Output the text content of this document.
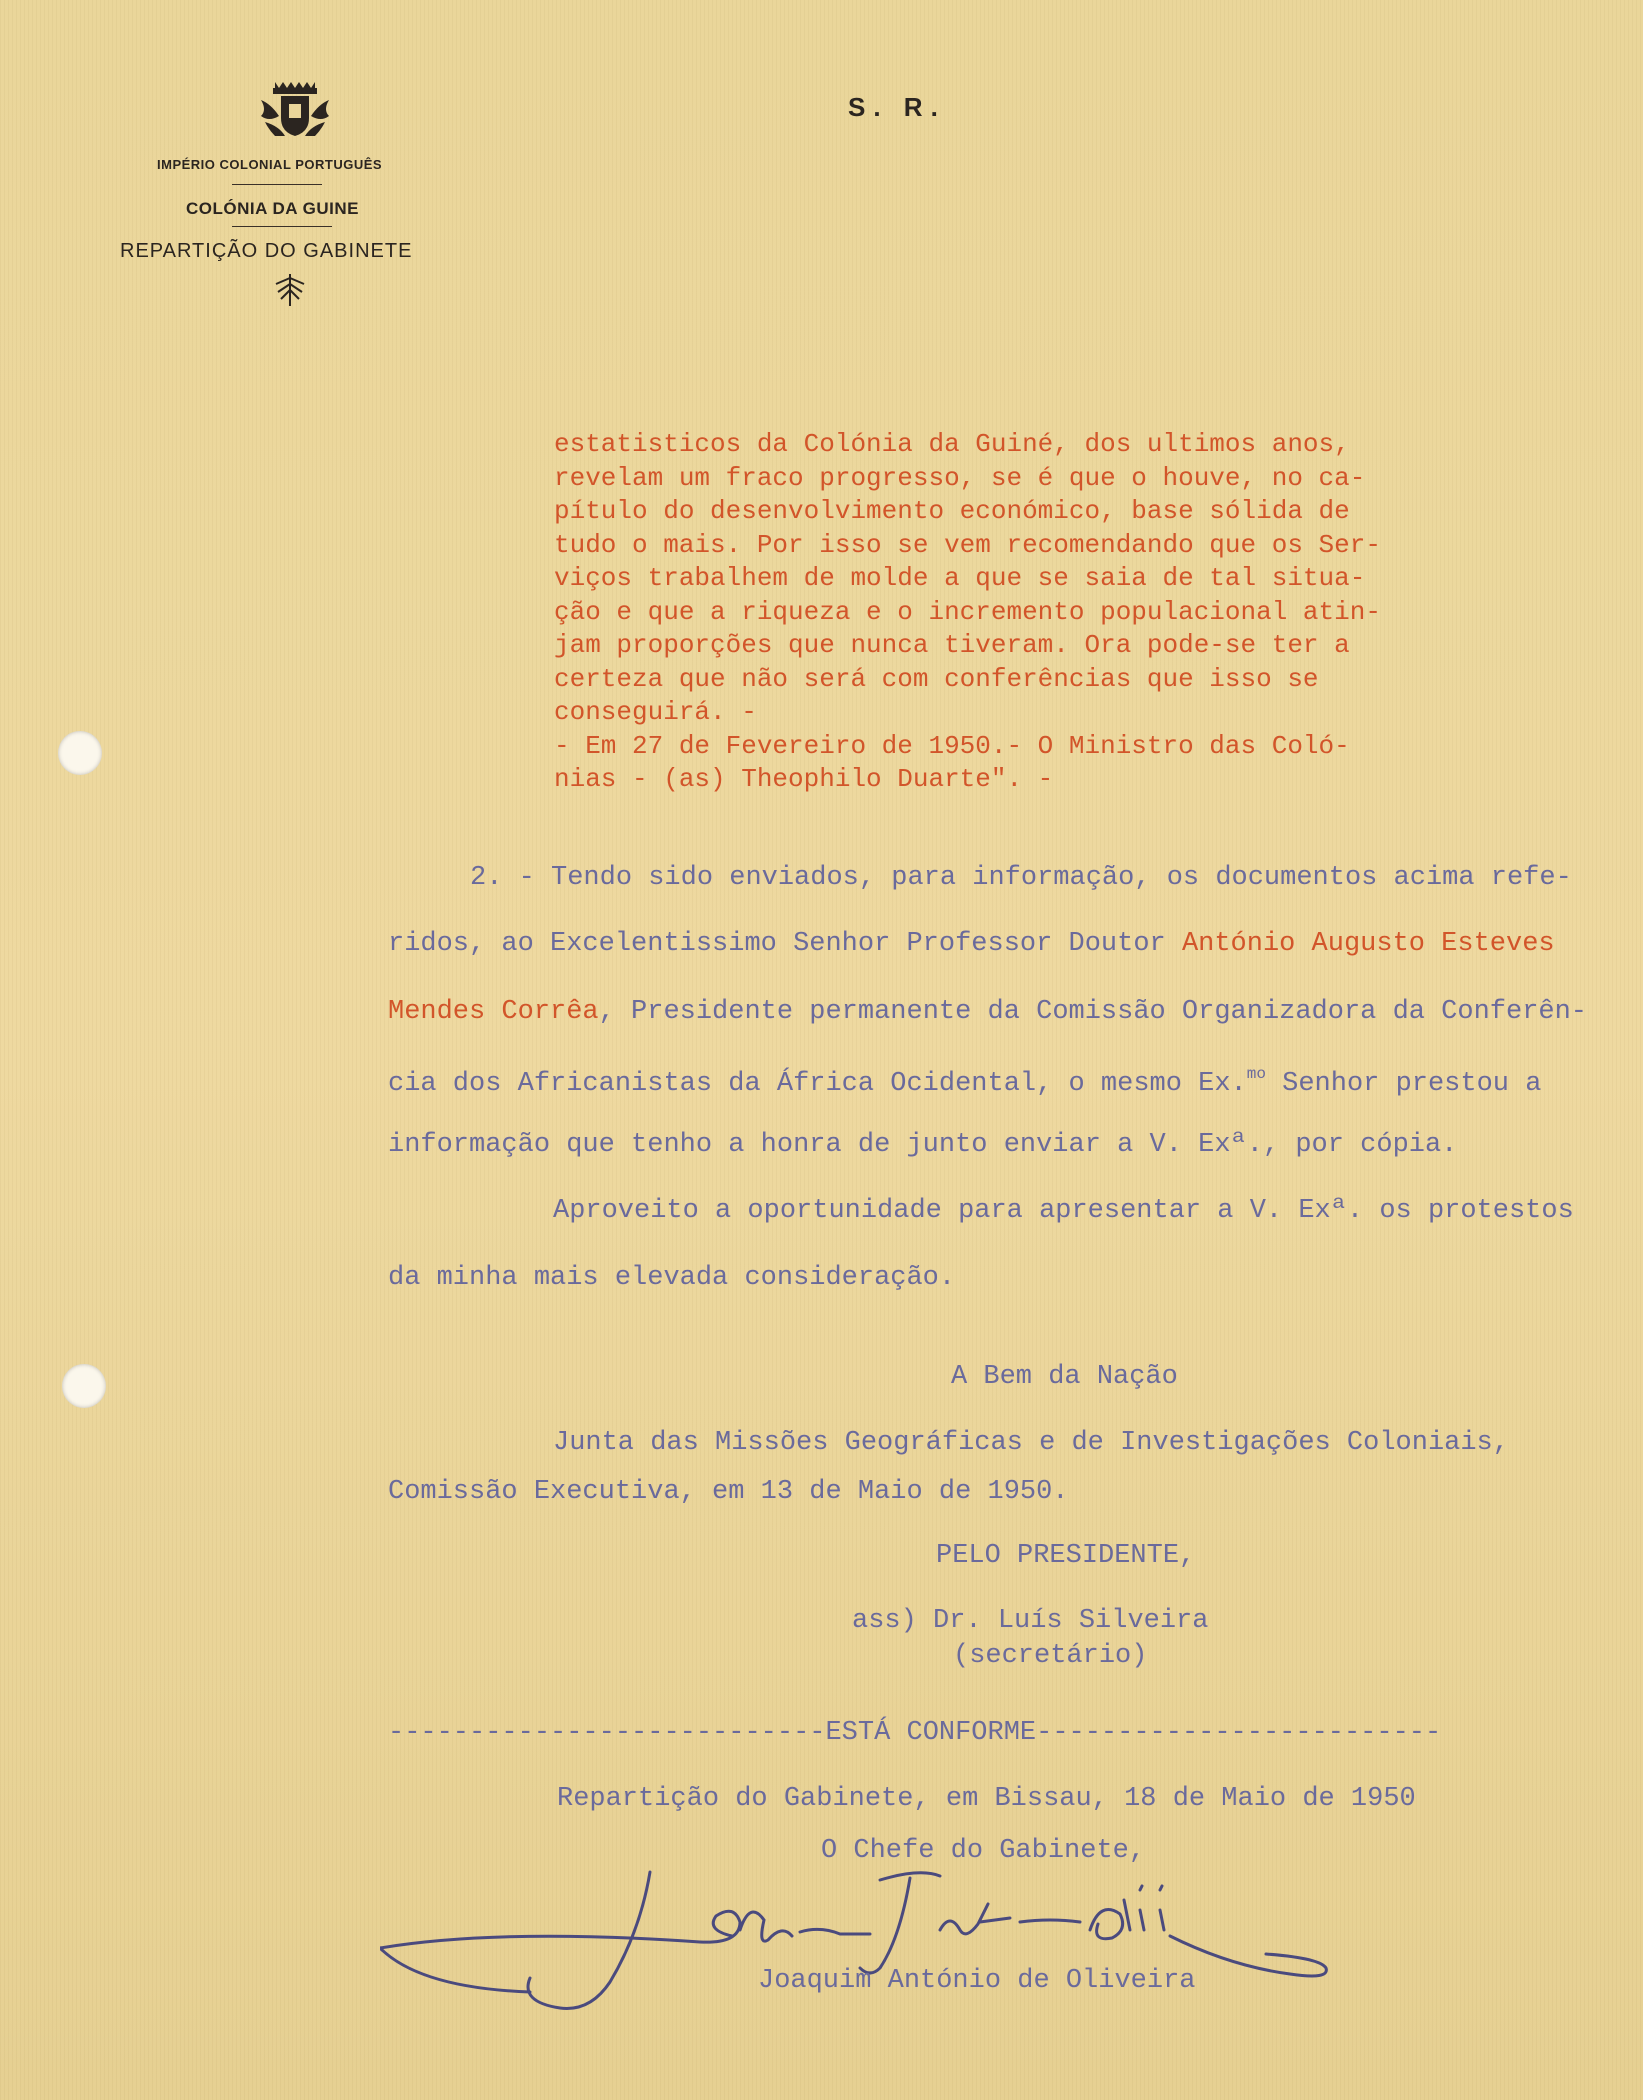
IMPÉRIO COLONIAL PORTUGUÊS
COLÓNIA DA GUINE
REPARTIÇÃO DO GABINETE
S. R.
estatisticos da Colónia da Guiné, dos ultimos anos,
revelam um fraco progresso, se é que o houve, no ca-
pítulo do desenvolvimento económico, base sólida de
tudo o mais. Por isso se vem recomendando que os Ser-
viços trabalhem de molde a que se saia de tal situa-
ção e que a riqueza e o incremento populacional atin-
jam proporções que nunca tiveram. Ora pode-se ter a
certeza que não será com conferências que isso se
conseguirá. -
- Em 27 de Fevereiro de 1950.- O Ministro das Coló-
nias - (as) Theophilo Duarte". -
2. - Tendo sido enviados, para informação, os documentos acima refe-
ridos, ao Excelentissimo Senhor Professor Doutor António Augusto Esteves
Mendes Corrêa, Presidente permanente da Comissão Organizadora da Conferên-
cia dos Africanistas da África Ocidental, o mesmo Ex.$^{mo}$ Senhor prestou a
informação que tenho a honra de junto enviar a V. Exª., por cópia.
Aproveito a oportunidade para apresentar a V. Exª. os protestos
da minha mais elevada consideração.
A Bem da Nação
Junta das Missões Geográficas e de Investigações Coloniais,
Comissão Executiva, em 13 de Maio de 1950.
PELO PRESIDENTE,
ass) Dr. Luís Silveira
(secretário)
---------------------------ESTÁ CONFORME-------------------------
Repartição do Gabinete, em Bissau, 18 de Maio de 1950
O Chefe do Gabinete,
Joaquim António de Oliveira
